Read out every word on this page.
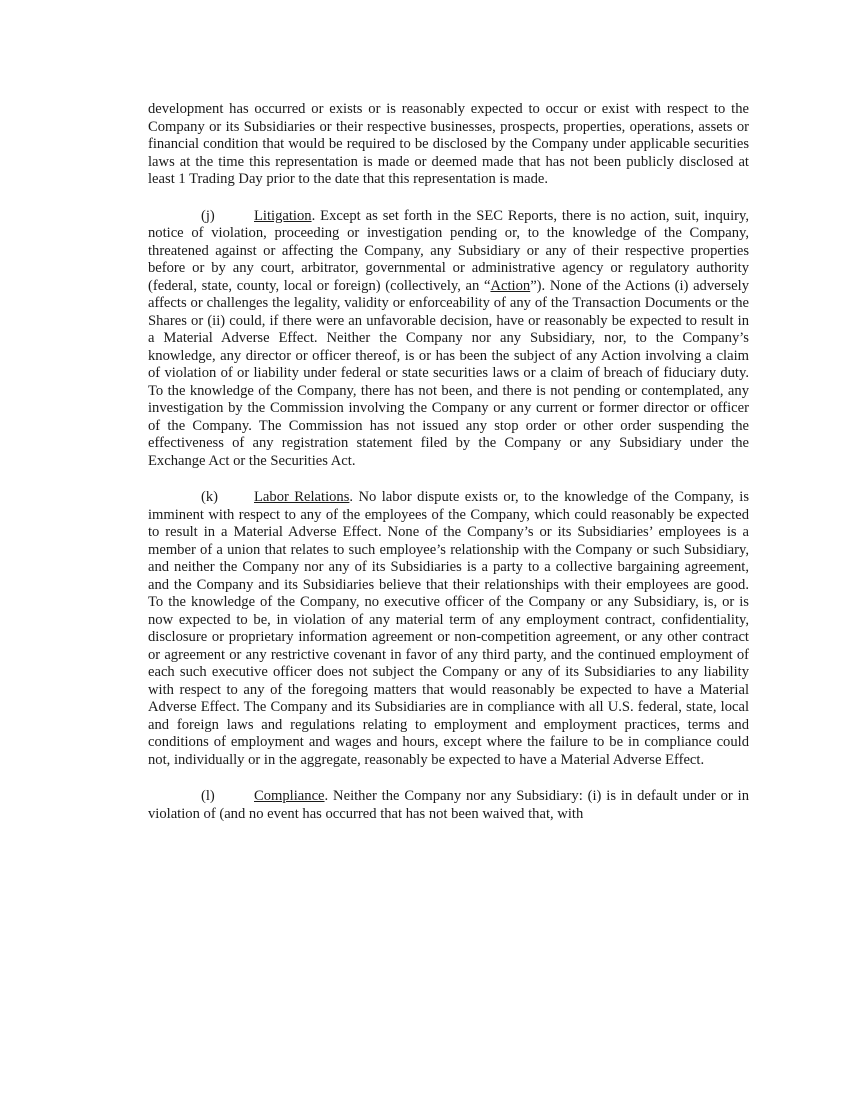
development has occurred or exists or is reasonably expected to occur or exist with respect to the Company or its Subsidiaries or their respective businesses, prospects, properties, operations, assets or financial condition that would be required to be disclosed by the Company under applicable securities laws at the time this representation is made or deemed made that has not been publicly disclosed at least 1 Trading Day prior to the date that this representation is made.

(j)	Litigation. Except as set forth in the SEC Reports, there is no action, suit, inquiry, notice of violation, proceeding or investigation pending or, to the knowledge of the Company, threatened against or affecting the Company, any Subsidiary or any of their respective properties before or by any court, arbitrator, governmental or administrative agency or regulatory authority (federal, state, county, local or foreign) (collectively, an “Action”). None of the Actions (i) adversely affects or challenges the legality, validity or enforceability of any of the Transaction Documents or the Shares or (ii) could, if there were an unfavorable decision, have or reasonably be expected to result in a Material Adverse Effect. Neither the Company nor any Subsidiary, nor, to the Company’s knowledge, any director or officer thereof, is or has been the subject of any Action involving a claim of violation of or liability under federal or state securities laws or a claim of breach of fiduciary duty. To the knowledge of the Company, there has not been, and there is not pending or contemplated, any investigation by the Commission involving the Company or any current or former director or officer of the Company. The Commission has not issued any stop order or other order suspending the effectiveness of any registration statement filed by the Company or any Subsidiary under the Exchange Act or the Securities Act.

(k) Labor Relations. No labor dispute exists or, to the knowledge of the Company, is imminent with respect to any of the employees of the Company, which could reasonably be expected to result in a Material Adverse Effect. None of the Company’s or its Subsidiaries’ employees is a member of a union that relates to such employee’s relationship with the Company or such Subsidiary, and neither the Company nor any of its Subsidiaries is a party to a collective bargaining agreement, and the Company and its Subsidiaries believe that their relationships with their employees are good. To the knowledge of the Company, no executive officer of the Company or any Subsidiary, is, or is now expected to be, in violation of any material term of any employment contract, confidentiality, disclosure or proprietary information agreement or non-competition agreement, or any other contract or agreement or any restrictive covenant in favor of any third party, and the continued employment of each such executive officer does not subject the Company or any of its Subsidiaries to any liability with respect to any of the foregoing matters that would reasonably be expected to have a Material Adverse Effect. The Company and its Subsidiaries are in compliance with all U.S. federal, state, local and foreign laws and regulations relating to employment and employment practices, terms and conditions of employment and wages and hours, except where the failure to be in compliance could not, individually or in the aggregate, reasonably be expected to have a Material Adverse Effect.

(l)	Compliance. Neither the Company nor any Subsidiary: (i) is in default under or in violation of (and no event has occurred that has not been waived that, with
